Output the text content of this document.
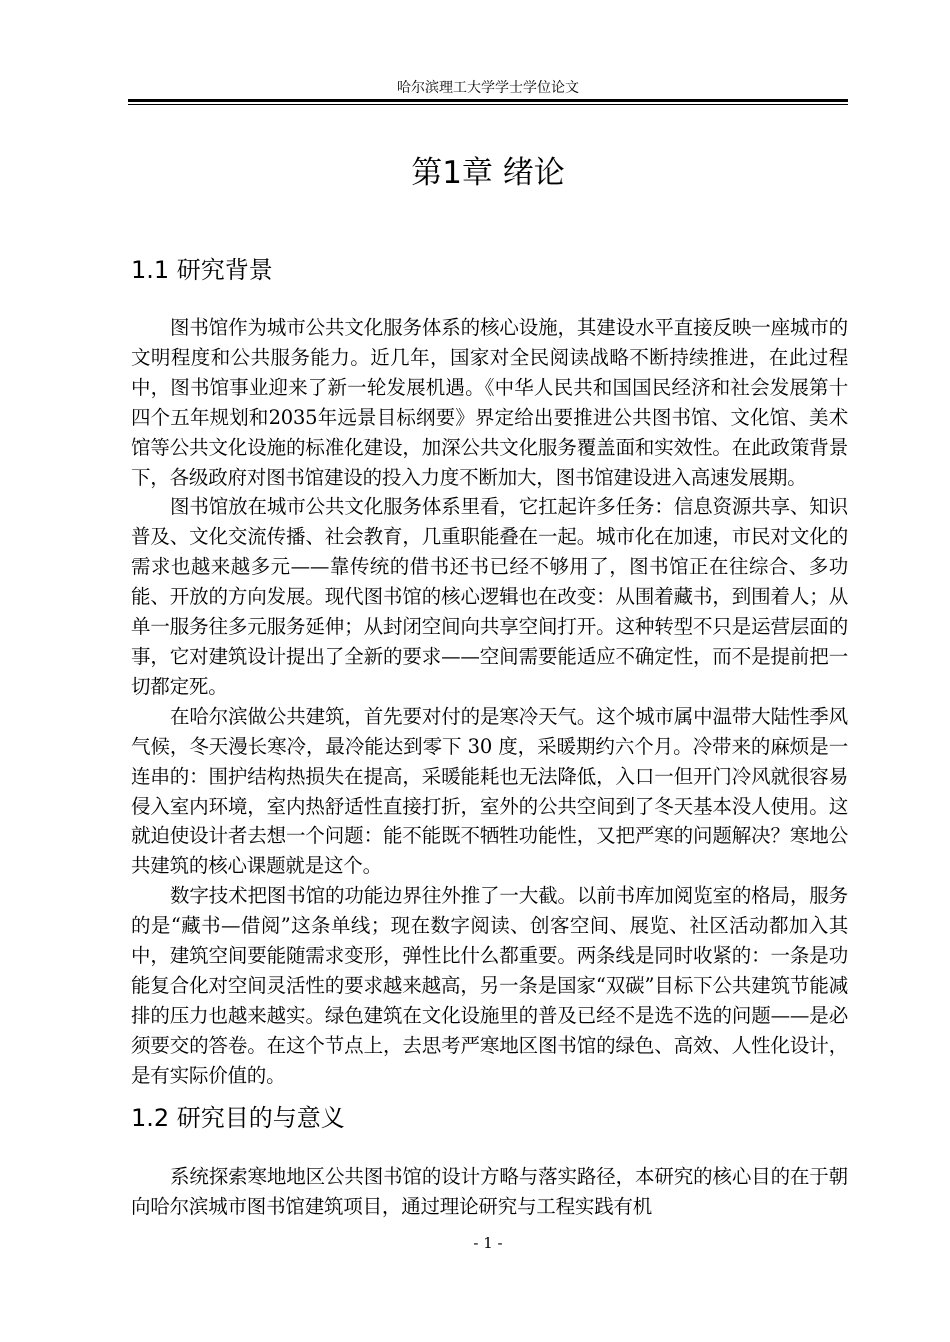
哈尔滨理工大学学士学位论文
第1章 绪论
1.1 研究背景

图书馆作为城市公共文化服务体系的核心设施，其建设水平直接反映一座城市的文明程度和公共服务能力。近几年，国家对全民阅读战略不断持续推进，在此过程中，图书馆事业迎来了新一轮发展机遇。《中华人民共和国国民经济和社会发展第十四个五年规划和2035年远景目标纲要》界定给出要推进公共图书馆、文化馆、美术馆等公共文化设施的标准化建设，加深公共文化服务覆盖面和实效性。在此政策背景下，各级政府对图书馆建设的投入力度不断加大，图书馆建设进入高速发展期。

图书馆放在城市公共文化服务体系里看，它扛起许多任务：信息资源共享、知识普及、文化交流传播、社会教育，几重职能叠在一起。城市化在加速，市民对文化的需求也越来越多元——靠传统的借书还书已经不够用了，图书馆正在往综合、多功能、开放的方向发展。现代图书馆的核心逻辑也在改变：从围着藏书，到围着人；从单一服务往多元服务延伸；从封闭空间向共享空间打开。这种转型不只是运营层面的事，它对建筑设计提出了全新的要求——空间需要能适应不确定性，而不是提前把一切都定死。

在哈尔滨做公共建筑，首先要对付的是寒冷天气。这个城市属中温带大陆性季风气候，冬天漫长寒冷，最冷能达到零下 30 度，采暖期约六个月。冷带来的麻烦是一连串的：围护结构热损失在提高，采暖能耗也无法降低，入口一但开门冷风就很容易侵入室内环境，室内热舒适性直接打折，室外的公共空间到了冬天基本没人使用。这就迫使设计者去想一个问题：能不能既不牺牲功能性，又把严寒的问题解决？寒地公共建筑的核心课题就是这个。

数字技术把图书馆的功能边界往外推了一大截。以前书库加阅览室的格局，服务的是“藏书—借阅”这条单线；现在数字阅读、创客空间、展览、社区活动都加入其中，建筑空间要能随需求变形，弹性比什么都重要。两条线是同时收紧的：一条是功能复合化对空间灵活性的要求越来越高，另一条是国家“双碳”目标下公共建筑节能减排的压力也越来越实。绿色建筑在文化设施里的普及已经不是选不选的问题——是必须要交的答卷。在这个节点上，去思考严寒地区图书馆的绿色、高效、人性化设计，是有实际价值的。

1.2 研究目的与意义

系统探索寒地地区公共图书馆的设计方略与落实路径，本研究的核心目的在于朝向哈尔滨城市图书馆建筑项目，通过理论研究与工程实践有机

- 1 -
